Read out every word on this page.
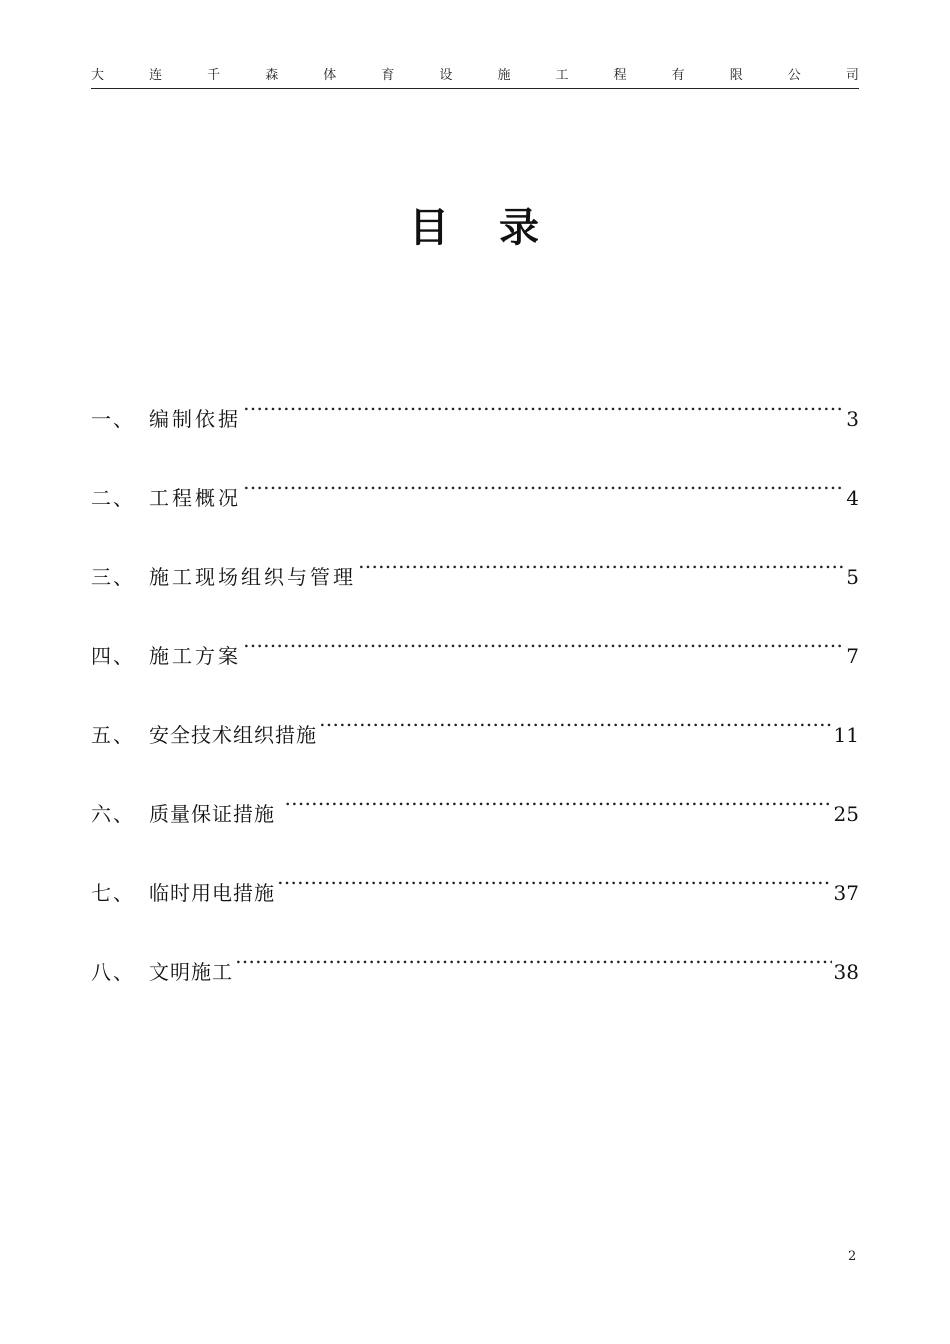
大	连	千	森	体	育	设	施	工	程	有	限	公	司
目 录
一、 编制依据 ……………………………………………………………………………………………………………………………………………………………………	3
二、 工程概况 ……………………………………………………………………………………………………………………………………………………………………	4
三、 施工现场组织与管理 ……………………………………………………………………………………………………………………………………………………………………	5
四、 施工方案 ……………………………………………………………………………………………………………………………………………………………………	7
五、 安全技术组织措施 ……………………………………………………………………………………………………………………………………………………………………	11
六、 质量保证措施 ……………………………………………………………………………………………………………………………………………………………………	25
七、 临时用电措施 ……………………………………………………………………………………………………………………………………………………………………	37
八、 文明施工 ……………………………………………………………………………………………………………………………………………………………………	38
2
